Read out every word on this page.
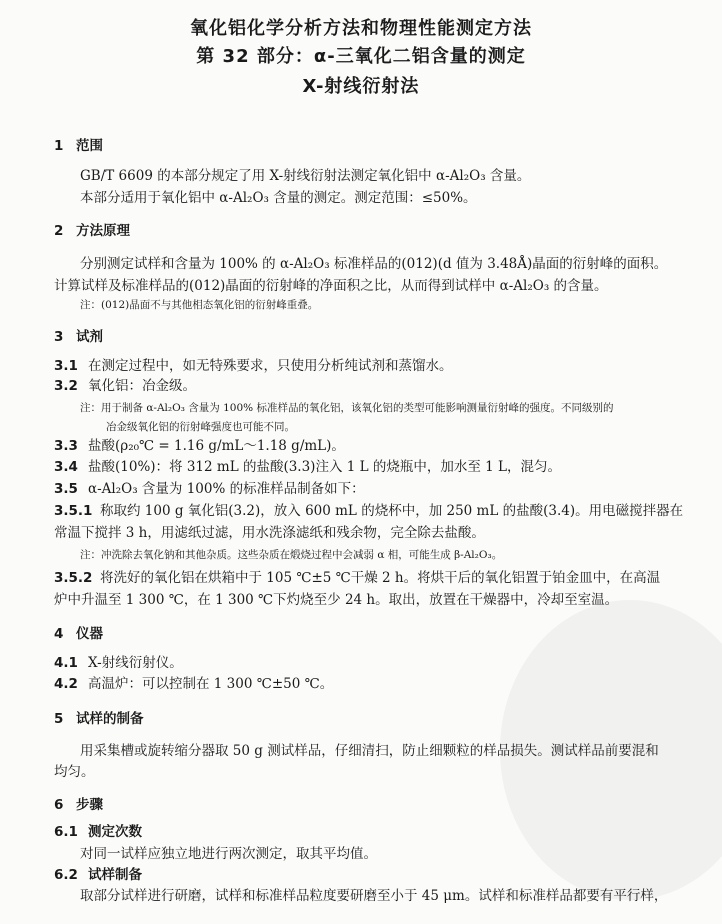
氧化铝化学分析方法和物理性能测定方法
第 32 部分：α-三氧化二铝含量的测定
X-射线衍射法
1 范围
GB/T 6609 的本部分规定了用 X-射线衍射法测定氧化铝中 α-Al₂O₃ 含量。
本部分适用于氧化铝中 α-Al₂O₃ 含量的测定。测定范围：≤50%。
2 方法原理
分别测定试样和含量为 100% 的 α-Al₂O₃ 标准样品的(012)(d 值为 3.48Å)晶面的衍射峰的面积。
计算试样及标准样品的(012)晶面的衍射峰的净面积之比，从而得到试样中 α-Al₂O₃ 的含量。
注：(012)晶面不与其他相态氧化铝的衍射峰重叠。
3 试剂
3.1 在测定过程中，如无特殊要求，只使用分析纯试剂和蒸馏水。
3.2 氧化铝：冶金级。
注：用于制备 α-Al₂O₃ 含量为 100% 标准样品的氧化铝，该氧化铝的类型可能影响测量衍射峰的强度。不同级别的
冶金级氧化铝的衍射峰强度也可能不同。
3.3 盐酸(ρ₂₀℃ = 1.16 g/mL～1.18 g/mL)。
3.4 盐酸(10%)：将 312 mL 的盐酸(3.3)注入 1 L 的烧瓶中，加水至 1 L，混匀。
3.5 α-Al₂O₃ 含量为 100% 的标准样品制备如下：
3.5.1 称取约 100 g 氧化铝(3.2)，放入 600 mL 的烧杯中，加 250 mL 的盐酸(3.4)。用电磁搅拌器在
常温下搅拌 3 h，用滤纸过滤，用水洗涤滤纸和残余物，完全除去盐酸。
注：冲洗除去氧化钠和其他杂质。这些杂质在煅烧过程中会减弱 α 相，可能生成 β-Al₂O₃。
3.5.2 将洗好的氧化铝在烘箱中于 105 ℃±5 ℃干燥 2 h。将烘干后的氧化铝置于铂金皿中，在高温
炉中升温至 1 300 ℃，在 1 300 ℃下灼烧至少 24 h。取出，放置在干燥器中，冷却至室温。
4 仪器
4.1 X-射线衍射仪。
4.2 高温炉：可以控制在 1 300 ℃±50 ℃。
5 试样的制备
用采集槽或旋转缩分器取 50 g 测试样品，仔细清扫，防止细颗粒的样品损失。测试样品前要混和
均匀。
6 步骤
6.1 测定次数
对同一试样应独立地进行两次测定，取其平均值。
6.2 试样制备
取部分试样进行研磨，试样和标准样品粒度要研磨至小于 45 μm。试样和标准样品都要有平行样，
